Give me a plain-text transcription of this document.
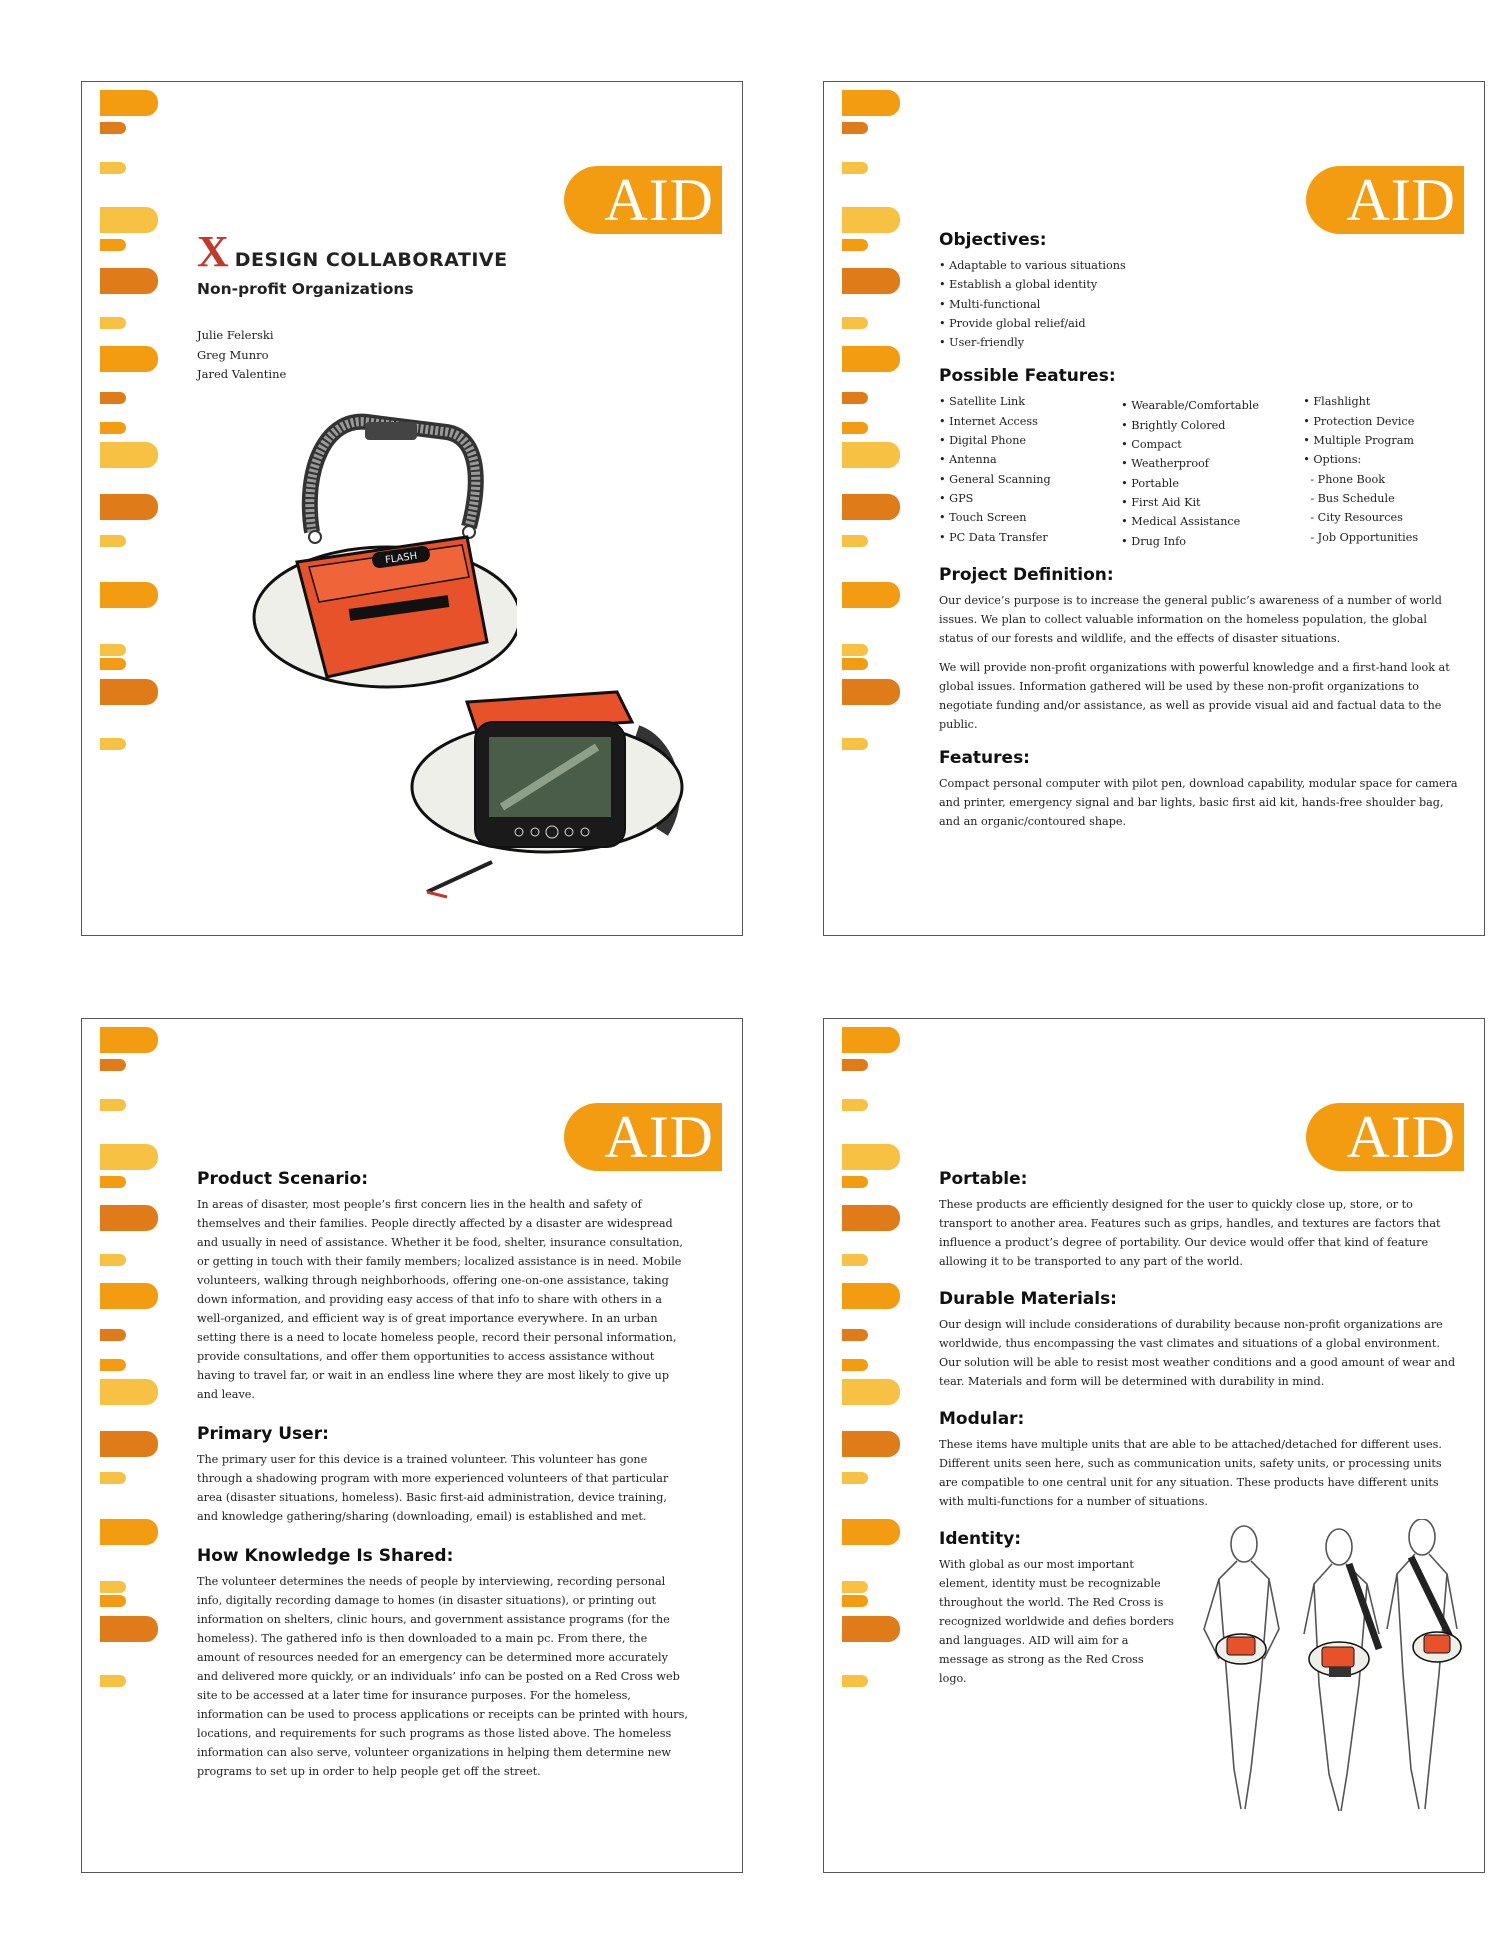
AID
X DESIGN COLLABORATIVE
Non-profit Organizations
Julie Felerski
Greg Munro
Jared Valentine
FLASH
AID
Objectives:
• Adaptable to various situations
• Establish a global identity
• Multi-functional
• Provide global relief/aid
• User-friendly
Possible Features:
• Satellite Link
• Internet Access
• Digital Phone
• Antenna
• General Scanning
• GPS
• Touch Screen
• PC Data Transfer
• Wearable/Comfortable
• Brightly Colored
• Compact
• Weatherproof
• Portable
• First Aid Kit
• Medical Assistance
• Drug Info
• Flashlight
• Protection Device
• Multiple Program
• Options:
- Phone Book
- Bus Schedule
- City Resources
- Job Opportunities
Project Definition:

Our device’s purpose is to increase the general public’s awareness of a number of world issues. We plan to collect valuable information on the homeless population, the global status of our forests and wildlife, and the effects of disaster situations.

We will provide non-profit organizations with powerful knowledge and a first-hand look at global issues. Information gathered will be used by these non-profit organizations to negotiate funding and/or assistance, as well as provide visual aid and factual data to the public.

Features:

Compact personal computer with pilot pen, download capability, modular space for camera and printer, emergency signal and bar lights, basic first aid kit, hands-free shoulder bag, and an organic/contoured shape.

AID
Product Scenario:

In areas of disaster, most people’s first concern lies in the health and safety of themselves and their families. People directly affected by a disaster are widespread and usually in need of assistance. Whether it be food, shelter, insurance consultation, or getting in touch with their family members; localized assistance is in need. Mobile volunteers, walking through neighborhoods, offering one-on-one assistance, taking down information, and providing easy access of that info to share with others in a well-organized, and efficient way is of great importance everywhere. In an urban setting there is a need to locate homeless people, record their personal information, provide consultations, and offer them opportunities to access assistance without having to travel far, or wait in an endless line where they are most likely to give up and leave.

Primary User:

The primary user for this device is a trained volunteer. This volunteer has gone through a shadowing program with more experienced volunteers of that particular area (disaster situations, homeless). Basic first-aid administration, device training, and knowledge gathering/sharing (downloading, email) is established and met.

How Knowledge Is Shared:

The volunteer determines the needs of people by interviewing, recording personal info, digitally recording damage to homes (in disaster situations), or printing out information on shelters, clinic hours, and government assistance programs (for the homeless). The gathered info is then downloaded to a main pc. From there, the amount of resources needed for an emergency can be determined more accurately and delivered more quickly, or an individuals’ info can be posted on a Red Cross web site to be accessed at a later time for insurance purposes. For the homeless, information can be used to process applications or receipts can be printed with hours, locations, and requirements for such programs as those listed above. The homeless information can also serve, volunteer organizations in helping them determine new programs to set up in order to help people get off the street.

AID
Portable:

These products are efficiently designed for the user to quickly close up, store, or to transport to another area. Features such as grips, handles, and textures are factors that influence a product’s degree of portability. Our device would offer that kind of feature allowing it to be transported to any part of the world.

Durable Materials:

Our design will include considerations of durability because non-profit organizations are worldwide, thus encompassing the vast climates and situations of a global environment. Our solution will be able to resist most weather conditions and a good amount of wear and tear. Materials and form will be determined with durability in mind.

Modular:

These items have multiple units that are able to be attached/detached for different uses. Different units seen here, such as communication units, safety units, or processing units are compatible to one central unit for any situation. These products have different units with multi-functions for a number of situations.

Identity:

With global as our most important element, identity must be recognizable throughout the world. The Red Cross is recognized worldwide and defies borders and languages. AID will aim for a message as strong as the Red Cross logo.
